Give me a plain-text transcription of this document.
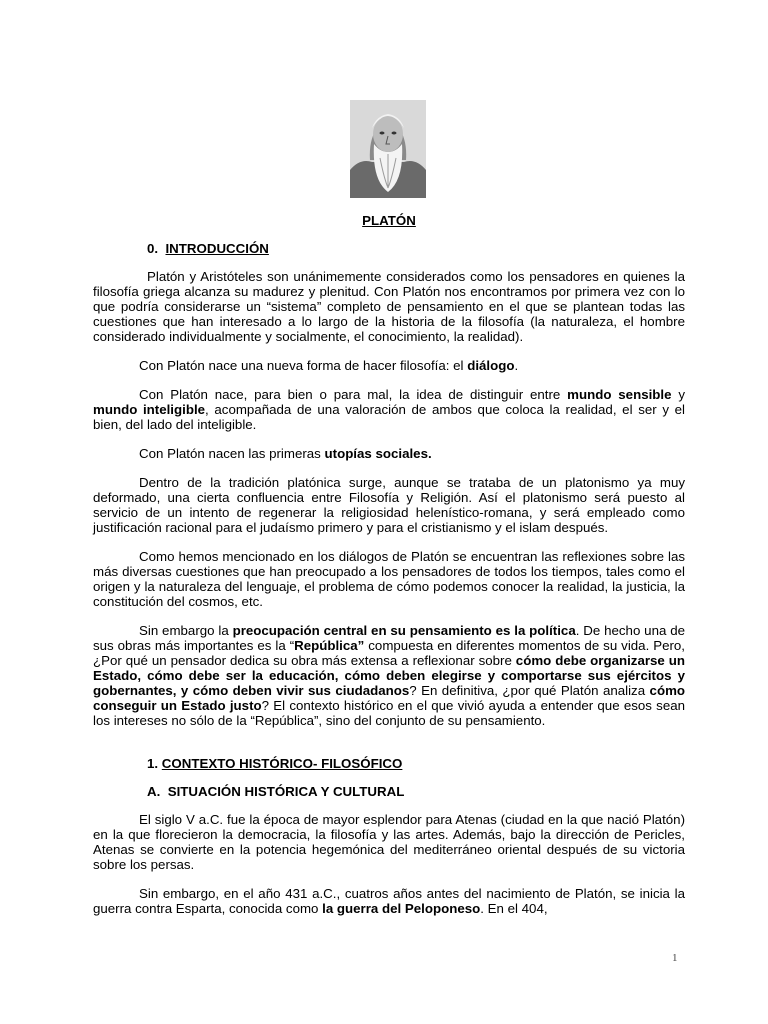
PLATÓN
0. INTRODUCCIÓN

Platón y Aristóteles son unánimemente considerados como los pensadores en quienes la filosofía griega alcanza su madurez y plenitud. Con Platón nos encontramos por primera vez con lo que podría considerarse un “sistema” completo de pensamiento en el que se plantean todas las cuestiones que han interesado a lo largo de la historia de la filosofía (la naturaleza, el hombre considerado individualmente y socialmente, el conocimiento, la realidad).

Con Platón nace una nueva forma de hacer filosofía: el diálogo.

Con Platón nace, para bien o para mal, la idea de distinguir entre mundo sensible y mundo inteligible, acompañada de una valoración de ambos que coloca la realidad, el ser y el bien, del lado del inteligible.

Con Platón nacen las primeras utopías sociales.

Dentro de la tradición platónica surge, aunque se trataba de un platonismo ya muy deformado, una cierta confluencia entre Filosofía y Religión. Así el platonismo será puesto al servicio de un intento de regenerar la religiosidad helenístico-romana, y será empleado como justificación racional para el judaísmo primero y para el cristianismo y el islam después.

Como hemos mencionado en los diálogos de Platón se encuentran las reflexiones sobre las más diversas cuestiones que han preocupado a los pensadores de todos los tiempos, tales como el origen y la naturaleza del lenguaje, el problema de cómo podemos conocer la realidad, la justicia, la constitución del cosmos, etc.

Sin embargo la preocupación central en su pensamiento es la política. De hecho una de sus obras más importantes es la “República” compuesta en diferentes momentos de su vida. Pero, ¿Por qué un pensador dedica su obra más extensa a reflexionar sobre cómo debe organizarse un Estado, cómo debe ser la educación, cómo deben elegirse y comportarse sus ejércitos y gobernantes, y cómo deben vivir sus ciudadanos? En definitiva, ¿por qué Platón analiza cómo conseguir un Estado justo? El contexto histórico en el que vivió ayuda a entender que esos sean los intereses no sólo de la “República”, sino del conjunto de su pensamiento.

1. CONTEXTO HISTÓRICO- FILOSÓFICO
A. SITUACIÓN HISTÓRICA Y CULTURAL

El siglo V a.C. fue la época de mayor esplendor para Atenas (ciudad en la que nació Platón) en la que florecieron la democracia, la filosofía y las artes. Además, bajo la dirección de Pericles, Atenas se convierte en la potencia hegemónica del mediterráneo oriental después de su victoria sobre los persas.

Sin embargo, en el año 431 a.C., cuatros años antes del nacimiento de Platón, se inicia la guerra contra Esparta, conocida como la guerra del Peloponeso. En el 404,

1
